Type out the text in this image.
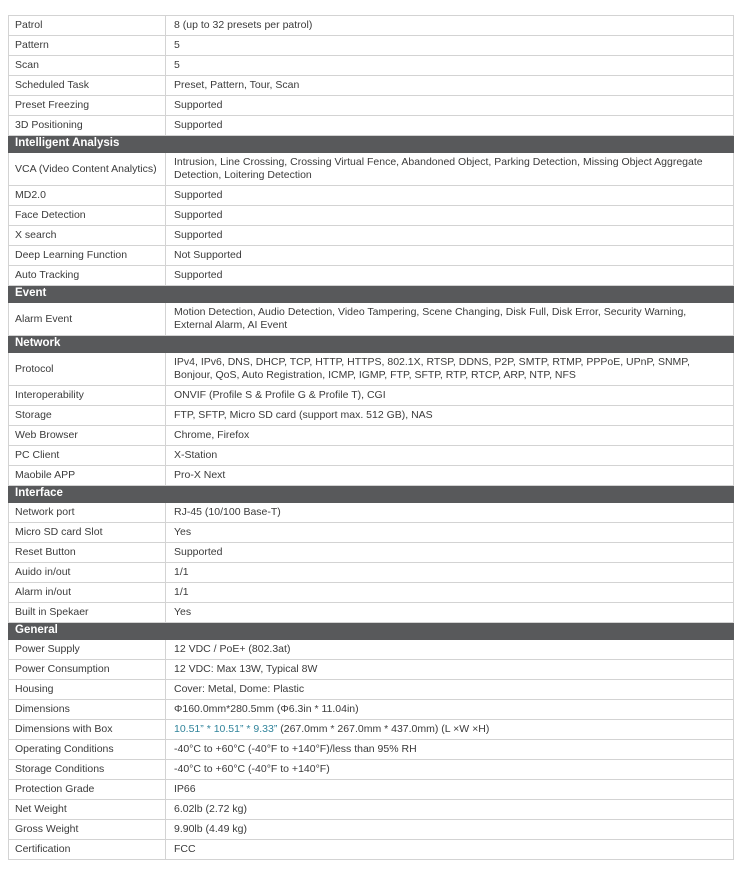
Patrol	8 (up to 32 presets per patrol)
Pattern	5
Scan	5
Scheduled Task	Preset, Pattern, Tour, Scan
Preset Freezing	Supported
3D Positioning	Supported
Intelligent Analysis	
VCA (Video Content Analytics)	Intrusion, Line Crossing, Crossing Virtual Fence, Abandoned Object, Parking Detection, Missing Object Aggregate Detection, Loitering Detection
MD2.0	Supported
Face Detection	Supported
X search	Supported
Deep Learning Function	Not Supported
Auto Tracking	Supported
Event	
Alarm Event	Motion Detection, Audio Detection, Video Tampering, Scene Changing, Disk Full, Disk Error, Security Warning, External Alarm, AI Event
Network	
Protocol	IPv4, IPv6, DNS, DHCP, TCP, HTTP, HTTPS, 802.1X, RTSP, DDNS, P2P, SMTP, RTMP, PPPoE, UPnP, SNMP, Bonjour, QoS, Auto Registration, ICMP, IGMP, FTP, SFTP, RTP, RTCP, ARP, NTP, NFS
Interoperability	ONVIF (Profile S & Profile G & Profile T), CGI
Storage	FTP, SFTP, Micro SD card (support max. 512 GB), NAS
Web Browser	Chrome, Firefox
PC Client	X-Station
Maobile APP	Pro-X Next
Interface	
Network port	RJ-45 (10/100 Base-T)
Micro SD card Slot	Yes
Reset Button	Supported
Auido in/out	1/1
Alarm in/out	1/1
Built in Spekaer	Yes
General	
Power Supply	12 VDC / PoE+ (802.3at)
Power Consumption	12 VDC: Max 13W, Typical 8W
Housing	Cover: Metal, Dome: Plastic
Dimensions	Φ160.0mm*280.5mm (Φ6.3in * 11.04in)
Dimensions with Box	10.51” * 10.51” * 9.33” (267.0mm * 267.0mm * 437.0mm) (L ×W ×H)
Operating Conditions	-40°C to +60°C (-40°F to +140°F)/less than 95% RH
Storage Conditions	-40°C to +60°C (-40°F to +140°F)
Protection Grade	IP66
Net Weight	6.02lb (2.72 kg)
Gross Weight	9.90lb (4.49 kg)
Certification	FCC
